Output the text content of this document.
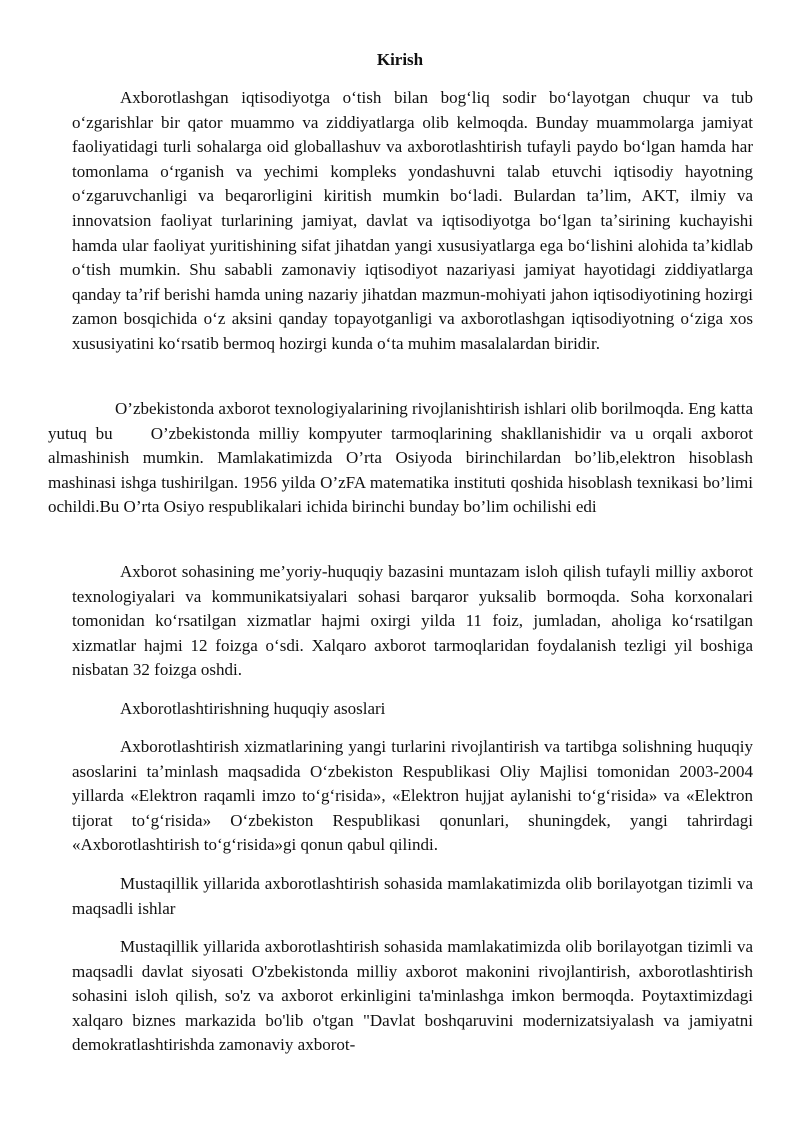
Kirish

Axborotlashgan iqtisodiyotga oʻtish bilan bogʻliq sodir boʻlayotgan chuqur va tub oʻzgarishlar bir qator muammo va ziddiyatlarga olib kelmoqda. Bunday muammolarga jamiyat faoliyatidagi turli sohalarga oid globallashuv va axborotlashtirish tufayli paydo boʻlgan hamda har tomonlama oʻrganish va yechimi kompleks yondashuvni talab etuvchi iqtisodiy hayotning oʻzgaruvchanligi va beqarorligini kiritish mumkin boʻladi. Bulardan taʼlim, AKT, ilmiy va innovatsion faoliyat turlarining jamiyat, davlat va iqtisodiyotga boʻlgan taʼsirining kuchayishi hamda ular faoliyat yuritishining sifat jihatdan yangi xususiyatlarga ega boʻlishini alohida taʼkidlab oʻtish mumkin. Shu sababli zamonaviy iqtisodiyot nazariyasi jamiyat hayotidagi ziddiyatlarga qanday taʼrif berishi hamda uning nazariy jihatdan mazmun-mohiyati jahon iqtisodiyotining hozirgi zamon bosqichida oʻz aksini qanday topayotganligi va axborotlashgan iqtisodiyotning oʻziga xos xususiyatini koʻrsatib bermoq hozirgi kunda oʻta muhim masalalardan biridir.

O’zbekistonda axborot texnologiyalarining rivojlanishtirish ishlari olib borilmoqda. Eng katta yutuq bu O’zbekistonda milliy kompyuter tarmoqlarining shakllanishidir va u orqali axborot almashinish mumkin. Mamlakatimizda O’rta Osiyoda birinchilardan bo’lib,elektron hisoblash mashinasi ishga tushirilgan. 1956 yilda O’zFA matematika instituti qoshida hisoblash texnikasi bo’limi ochildi.Bu O’rta Osiyo respublikalari ichida birinchi bunday bo’lim ochilishi edi

Axborot sohasining me’yoriy-huquqiy bazasini muntazam isloh qilish tufayli milliy axborot texnologiyalari va kommunikatsiyalari sohasi barqaror yuksalib bormoqda. Soha korxonalari tomonidan koʻrsatilgan xizmatlar hajmi oxirgi yilda 11 foiz, jumladan, aholiga koʻrsatilgan xizmatlar hajmi 12 foizga oʻsdi. Xalqaro axborot tarmoqlaridan foydalanish tezligi yil boshiga nisbatan 32 foizga oshdi.

Axborotlashtirishning huquqiy asoslari

Axborotlashtirish xizmatlarining yangi turlarini rivojlantirish va tartibga solishning huquqiy asoslarini taʼminlash maqsadida Oʻzbekiston Respublikasi Oliy Majlisi tomonidan 2003-2004 yillarda «Elektron raqamli imzo toʻgʻrisida», «Elektron hujjat aylanishi toʻgʻrisida» va «Elektron tijorat toʻgʻrisida» Oʻzbekiston Respublikasi qonunlari, shuningdek, yangi tahrirdagi «Axborotlashtirish toʻgʻrisida»gi qonun qabul qilindi.

Mustaqillik yillarida axborotlashtirish sohasida mamlakatimizda olib borilayotgan tizimli va maqsadli ishlar

Mustaqillik yillarida axborotlashtirish sohasida mamlakatimizda olib borilayotgan tizimli va maqsadli davlat siyosati O'zbekistonda milliy axborot makonini rivojlantirish, axborotlashtirish sohasini isloh qilish, so'z va axborot erkinligini ta'minlashga imkon bermoqda. Poytaxtimizdagi xalqaro biznes markazida bo'lib o'tgan "Davlat boshqaruvini modernizatsiyalash va jamiyatni demokratlashtirishda zamonaviy axborot-
